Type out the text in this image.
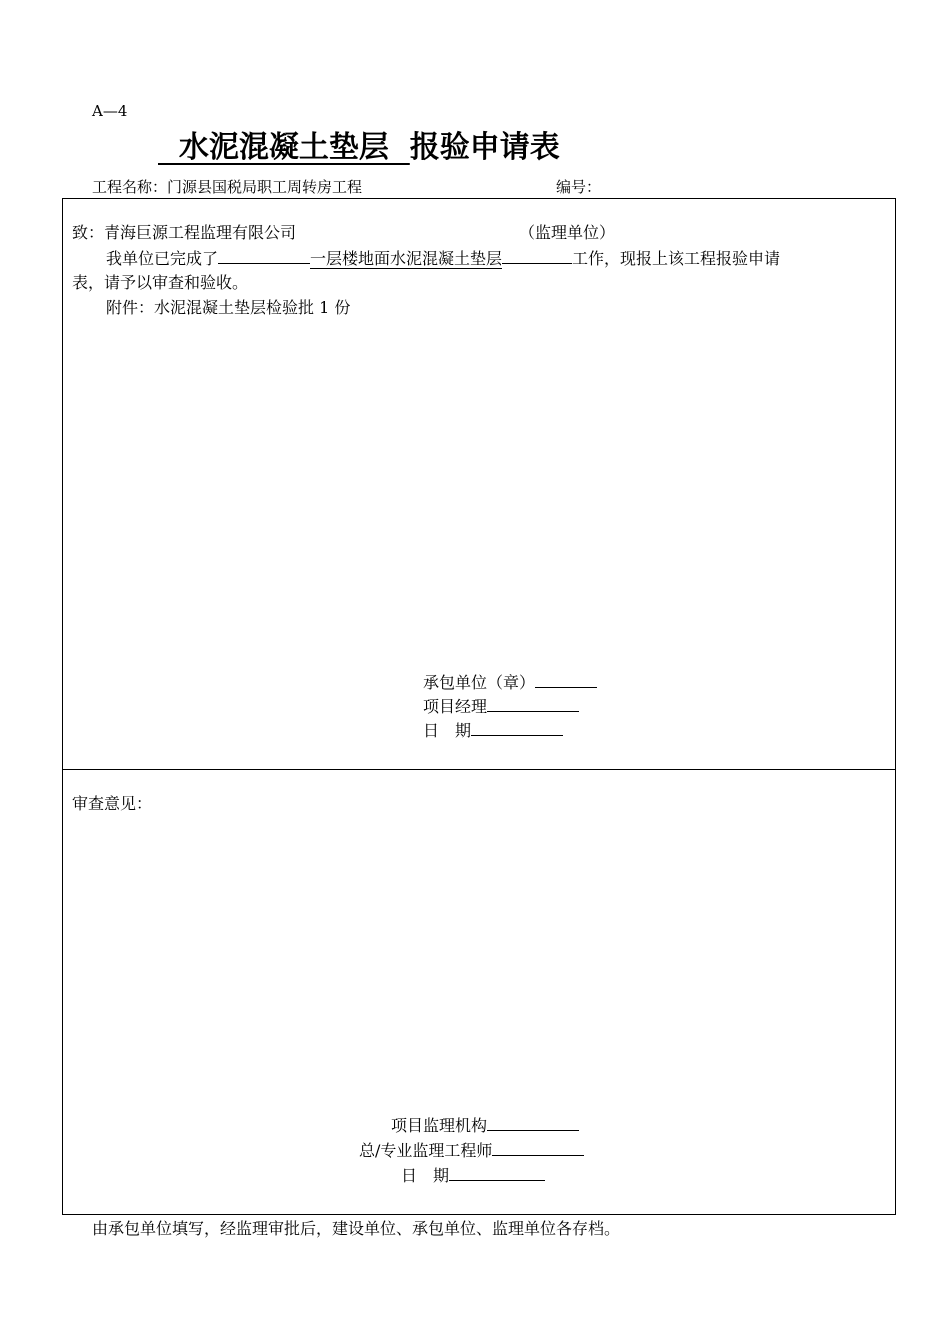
A—4
水泥混凝土垫层  报验申请表
工程名称：门源县国税局职工周转房工程	编号：
致：青海巨源工程监理有限公司	（监理单位）
我单位已完成了	一层楼地面水泥混凝土垫层	工作，现报上该工程报验申请
表，请予以审查和验收。
附件：水泥混凝土垫层检验批 1 份
承包单位（章）
项目经理
日　期
审查意见：
项目监理机构
总/专业监理工程师
日　期
由承包单位填写，经监理审批后，建设单位、承包单位、监理单位各存档。
